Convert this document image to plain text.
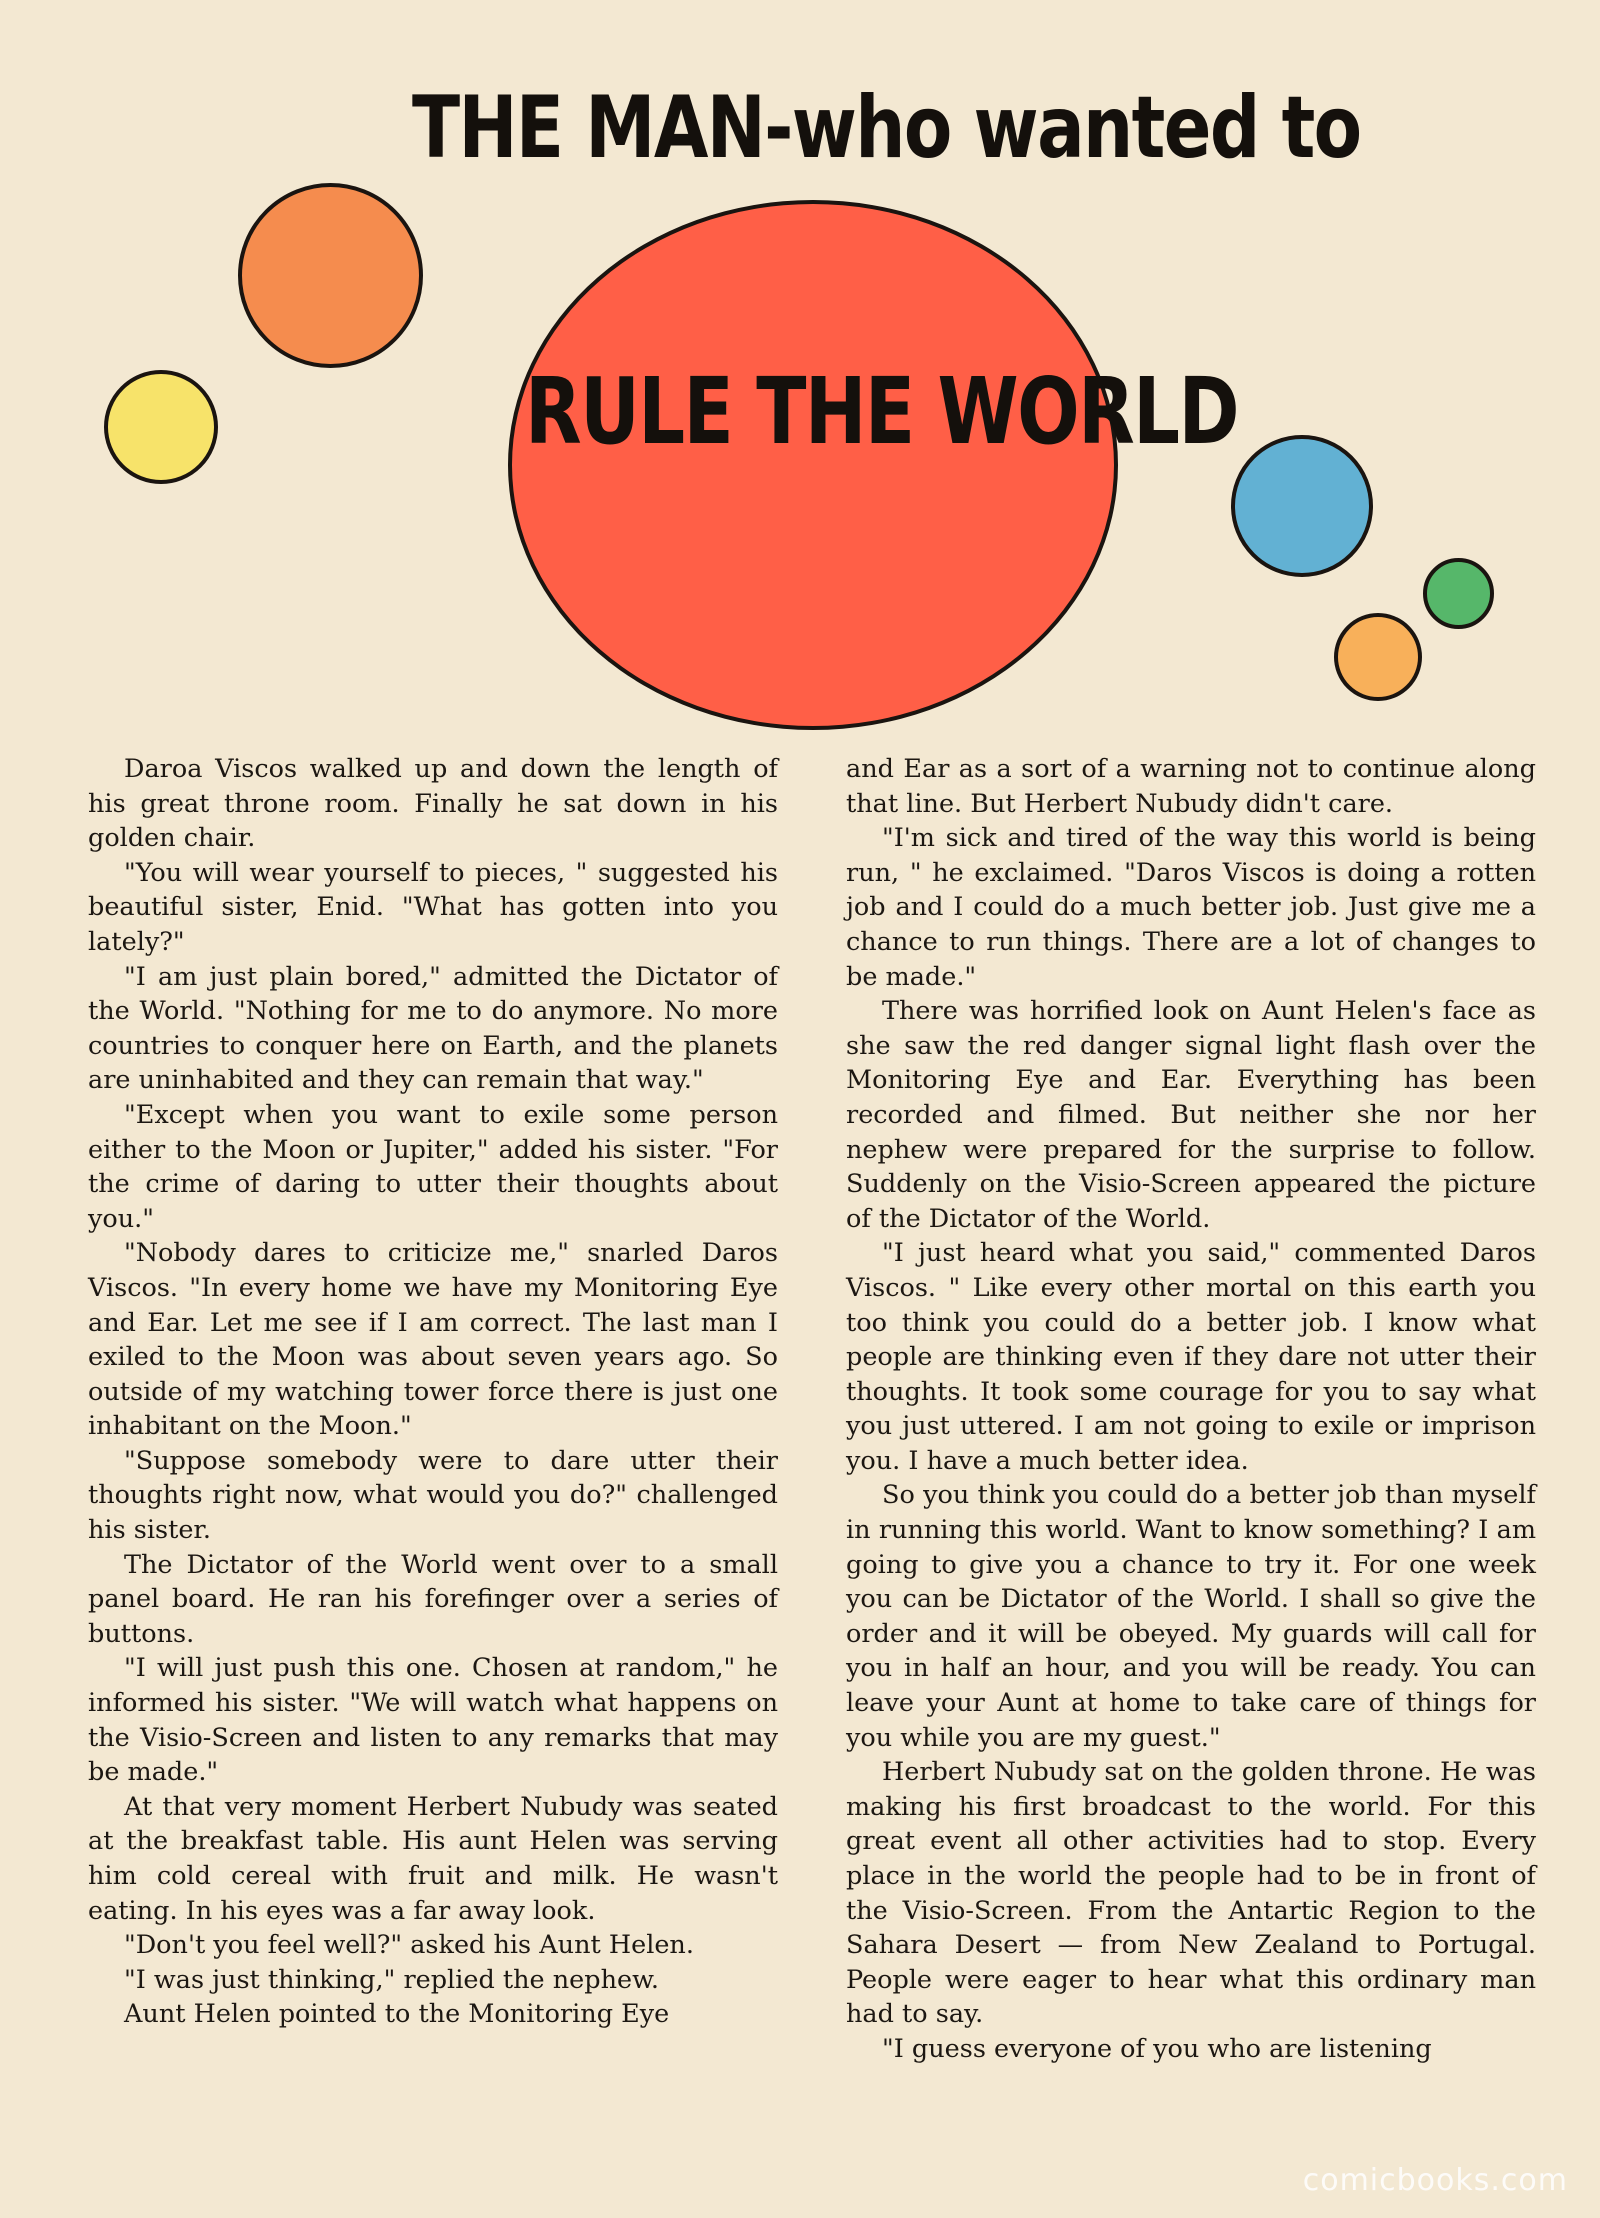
THE MAN-who wanted to
RULE THE WORLD

Daroa Viscos walked up and down the length of his great throne room. Finally he sat down in his golden chair.

"You will wear yourself to pieces, " suggested his beautiful sister, Enid. "What has gotten into you lately?"

"I am just plain bored," admitted the Dictator of the World. "Nothing for me to do anymore. No more countries to conquer here on Earth, and the planets are uninhabited and they can remain that way."

"Except when you want to exile some person either to the Moon or Jupiter," added his sister. "For the crime of daring to utter their thoughts about you."

"Nobody dares to criticize me," snarled Daros Viscos. "In every home we have my Monitoring Eye and Ear. Let me see if I am correct. The last man I exiled to the Moon was about seven years ago. So outside of my watching tower force there is just one inhabitant on the Moon."

"Suppose somebody were to dare utter their thoughts right now, what would you do?" challenged his sister.

The Dictator of the World went over to a small panel board. He ran his forefinger over a series of buttons.

"I will just push this one. Chosen at random," he informed his sister. "We will watch what happens on the Visio-Screen and listen to any remarks that may be made."

At that very moment Herbert Nubudy was seated at the breakfast table. His aunt Helen was serving him cold cereal with fruit and milk. He wasn't eating. In his eyes was a far away look.

"Don't you feel well?" asked his Aunt Helen.

"I was just thinking," replied the nephew.

Aunt Helen pointed to the Monitoring Eye

and Ear as a sort of a warning not to continue along that line. But Herbert Nubudy didn't care.

"I'm sick and tired of the way this world is being run, " he exclaimed. "Daros Viscos is doing a rotten job and I could do a much better job. Just give me a chance to run things. There are a lot of changes to be made."

There was horrified look on Aunt Helen's face as she saw the red danger signal light flash over the Monitoring Eye and Ear. Everything has been recorded and filmed. But neither she nor her nephew were prepared for the surprise to follow. Suddenly on the Visio-Screen appeared the picture of the Dictator of the World.

"I just heard what you said," commented Daros Viscos. " Like every other mortal on this earth you too think you could do a better job. I know what people are thinking even if they dare not utter their thoughts. It took some courage for you to say what you just uttered. I am not going to exile or imprison you. I have a much better idea.

So you think you could do a better job than myself in running this world. Want to know something? I am going to give you a chance to try it. For one week you can be Dictator of the World. I shall so give the order and it will be obeyed. My guards will call for you in half an hour, and you will be ready. You can leave your Aunt at home to take care of things for you while you are my guest."

Herbert Nubudy sat on the golden throne. He was making his first broadcast to the world. For this great event all other activities had to stop. Every place in the world the people had to be in front of the Visio-Screen. From the Antartic Region to the Sahara Desert — from New Zealand to Portugal. People were eager to hear what this ordinary man had to say.

"I guess everyone of you who are listening

comicbooks.com
